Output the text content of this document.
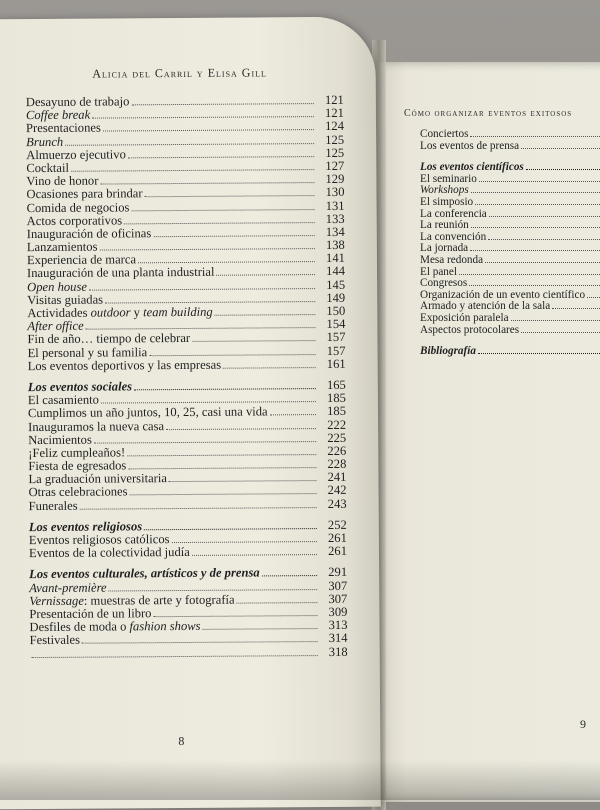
Cómo organizar eventos exitosos
Conciertos
Los eventos de prensa
Los eventos científicos
El seminario
Workshops
El simposio
La conferencia
La reunión
La convención
La jornada
Mesa redonda
El panel
Congresos
Organización de un evento científico
Armado y atención de la sala
Exposición paralela
Aspectos protocolares
Bibliografía
9
Alicia del Carril y Elisa Gill
Desayuno de trabajo	121
Coffee break	121
Presentaciones	124
Brunch	125
Almuerzo ejecutivo	125
Cocktail	127
Vino de honor	129
Ocasiones para brindar	130
Comida de negocios	131
Actos corporativos	133
Inauguración de oficinas	134
Lanzamientos	138
Experiencia de marca	141
Inauguración de una planta industrial	144
Open house	145
Visitas guiadas	149
Actividades outdoor y team building	150
After office	154
Fin de año… tiempo de celebrar	157
El personal y su familia	157
Los eventos deportivos y las empresas	161
Los eventos sociales	165
El casamiento	185
Cumplimos un año juntos, 10, 25, casi una vida	185
Inauguramos la nueva casa	222
Nacimientos	225
¡Feliz cumpleaños!	226
Fiesta de egresados	228
La graduación universitaria	241
Otras celebraciones	242
Funerales	243
Los eventos religiosos	252
Eventos religiosos católicos	261
Eventos de la colectividad judía	261
Los eventos culturales, artísticos y de prensa	291
Avant-première	307
Vernissage: muestras de arte y fotografía	307
Presentación de un libro	309
Desfiles de moda o fashion shows	313
Festivales	314
318
8
